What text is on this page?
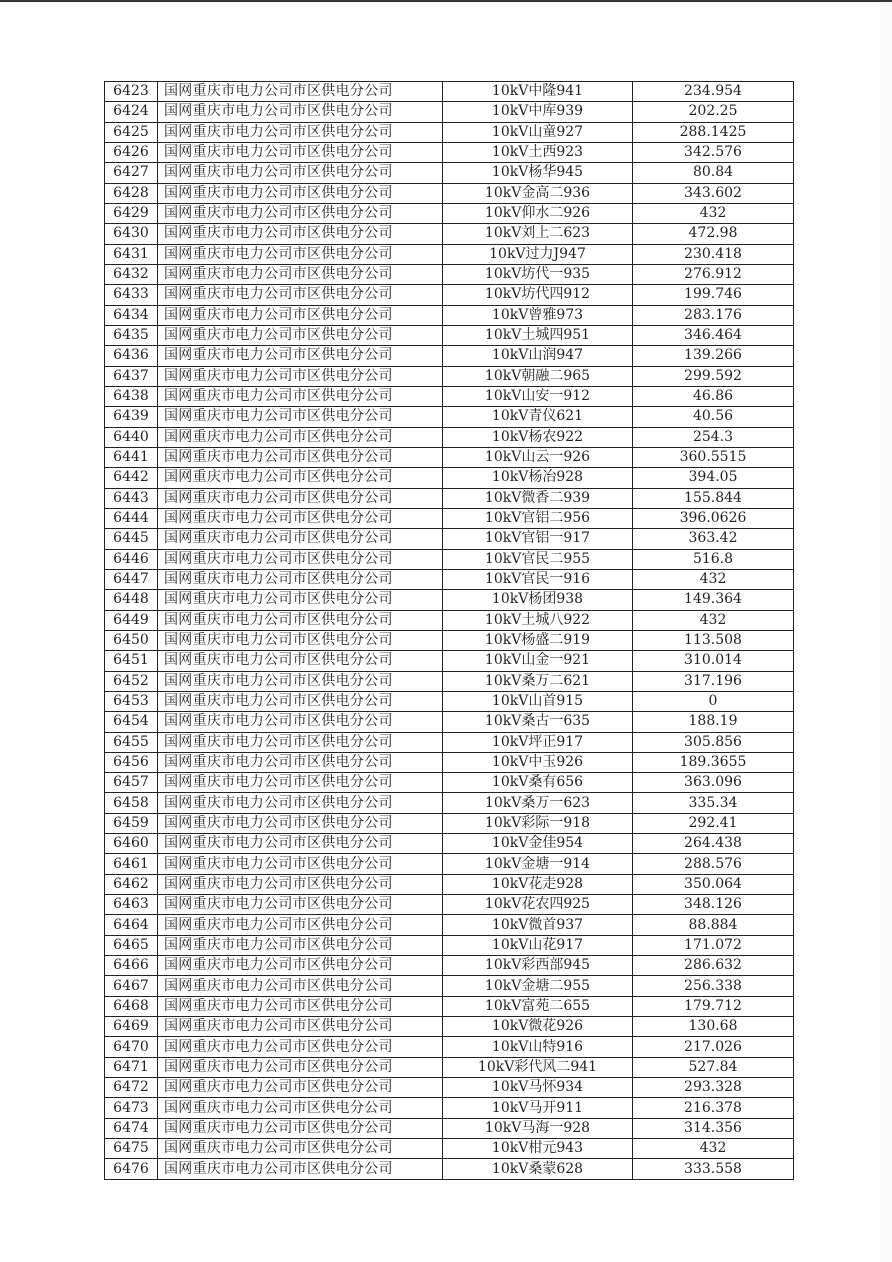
6423	国网重庆市电力公司市区供电分公司	10kV中隆941	234.954
6424	国网重庆市电力公司市区供电分公司	10kV中库939	202.25
6425	国网重庆市电力公司市区供电分公司	10kV山童927	288.1425
6426	国网重庆市电力公司市区供电分公司	10kV土西923	342.576
6427	国网重庆市电力公司市区供电分公司	10kV杨华945	80.84
6428	国网重庆市电力公司市区供电分公司	10kV金高二936	343.602
6429	国网重庆市电力公司市区供电分公司	10kV仰水二926	432
6430	国网重庆市电力公司市区供电分公司	10kV刘上二623	472.98
6431	国网重庆市电力公司市区供电分公司	10kV过力J947	230.418
6432	国网重庆市电力公司市区供电分公司	10kV坊代一935	276.912
6433	国网重庆市电力公司市区供电分公司	10kV坊代四912	199.746
6434	国网重庆市电力公司市区供电分公司	10kV曾雅973	283.176
6435	国网重庆市电力公司市区供电分公司	10kV土城四951	346.464
6436	国网重庆市电力公司市区供电分公司	10kV山润947	139.266
6437	国网重庆市电力公司市区供电分公司	10kV朝融二965	299.592
6438	国网重庆市电力公司市区供电分公司	10kV山安一912	46.86
6439	国网重庆市电力公司市区供电分公司	10kV青仪621	40.56
6440	国网重庆市电力公司市区供电分公司	10kV杨农922	254.3
6441	国网重庆市电力公司市区供电分公司	10kV山云一926	360.5515
6442	国网重庆市电力公司市区供电分公司	10kV杨冶928	394.05
6443	国网重庆市电力公司市区供电分公司	10kV微香二939	155.844
6444	国网重庆市电力公司市区供电分公司	10kV官铝二956	396.0626
6445	国网重庆市电力公司市区供电分公司	10kV官铝一917	363.42
6446	国网重庆市电力公司市区供电分公司	10kV官民二955	516.8
6447	国网重庆市电力公司市区供电分公司	10kV官民一916	432
6448	国网重庆市电力公司市区供电分公司	10kV杨团938	149.364
6449	国网重庆市电力公司市区供电分公司	10kV土城八922	432
6450	国网重庆市电力公司市区供电分公司	10kV杨盛二919	113.508
6451	国网重庆市电力公司市区供电分公司	10kV山金一921	310.014
6452	国网重庆市电力公司市区供电分公司	10kV桑万二621	317.196
6453	国网重庆市电力公司市区供电分公司	10kV山首915	0
6454	国网重庆市电力公司市区供电分公司	10kV桑古一635	188.19
6455	国网重庆市电力公司市区供电分公司	10kV坪正917	305.856
6456	国网重庆市电力公司市区供电分公司	10kV中玉926	189.3655
6457	国网重庆市电力公司市区供电分公司	10kV桑有656	363.096
6458	国网重庆市电力公司市区供电分公司	10kV桑万一623	335.34
6459	国网重庆市电力公司市区供电分公司	10kV彩际一918	292.41
6460	国网重庆市电力公司市区供电分公司	10kV金佳954	264.438
6461	国网重庆市电力公司市区供电分公司	10kV金塘一914	288.576
6462	国网重庆市电力公司市区供电分公司	10kV花走928	350.064
6463	国网重庆市电力公司市区供电分公司	10kV花农四925	348.126
6464	国网重庆市电力公司市区供电分公司	10kV微首937	88.884
6465	国网重庆市电力公司市区供电分公司	10kV山花917	171.072
6466	国网重庆市电力公司市区供电分公司	10kV彩西部945	286.632
6467	国网重庆市电力公司市区供电分公司	10kV金塘二955	256.338
6468	国网重庆市电力公司市区供电分公司	10kV富苑二655	179.712
6469	国网重庆市电力公司市区供电分公司	10kV微花926	130.68
6470	国网重庆市电力公司市区供电分公司	10kV山特916	217.026
6471	国网重庆市电力公司市区供电分公司	10kV彩代风二941	527.84
6472	国网重庆市电力公司市区供电分公司	10kV马怀934	293.328
6473	国网重庆市电力公司市区供电分公司	10kV马开911	216.378
6474	国网重庆市电力公司市区供电分公司	10kV马海一928	314.356
6475	国网重庆市电力公司市区供电分公司	10kV柑元943	432
6476	国网重庆市电力公司市区供电分公司	10kV桑蒙628	333.558
